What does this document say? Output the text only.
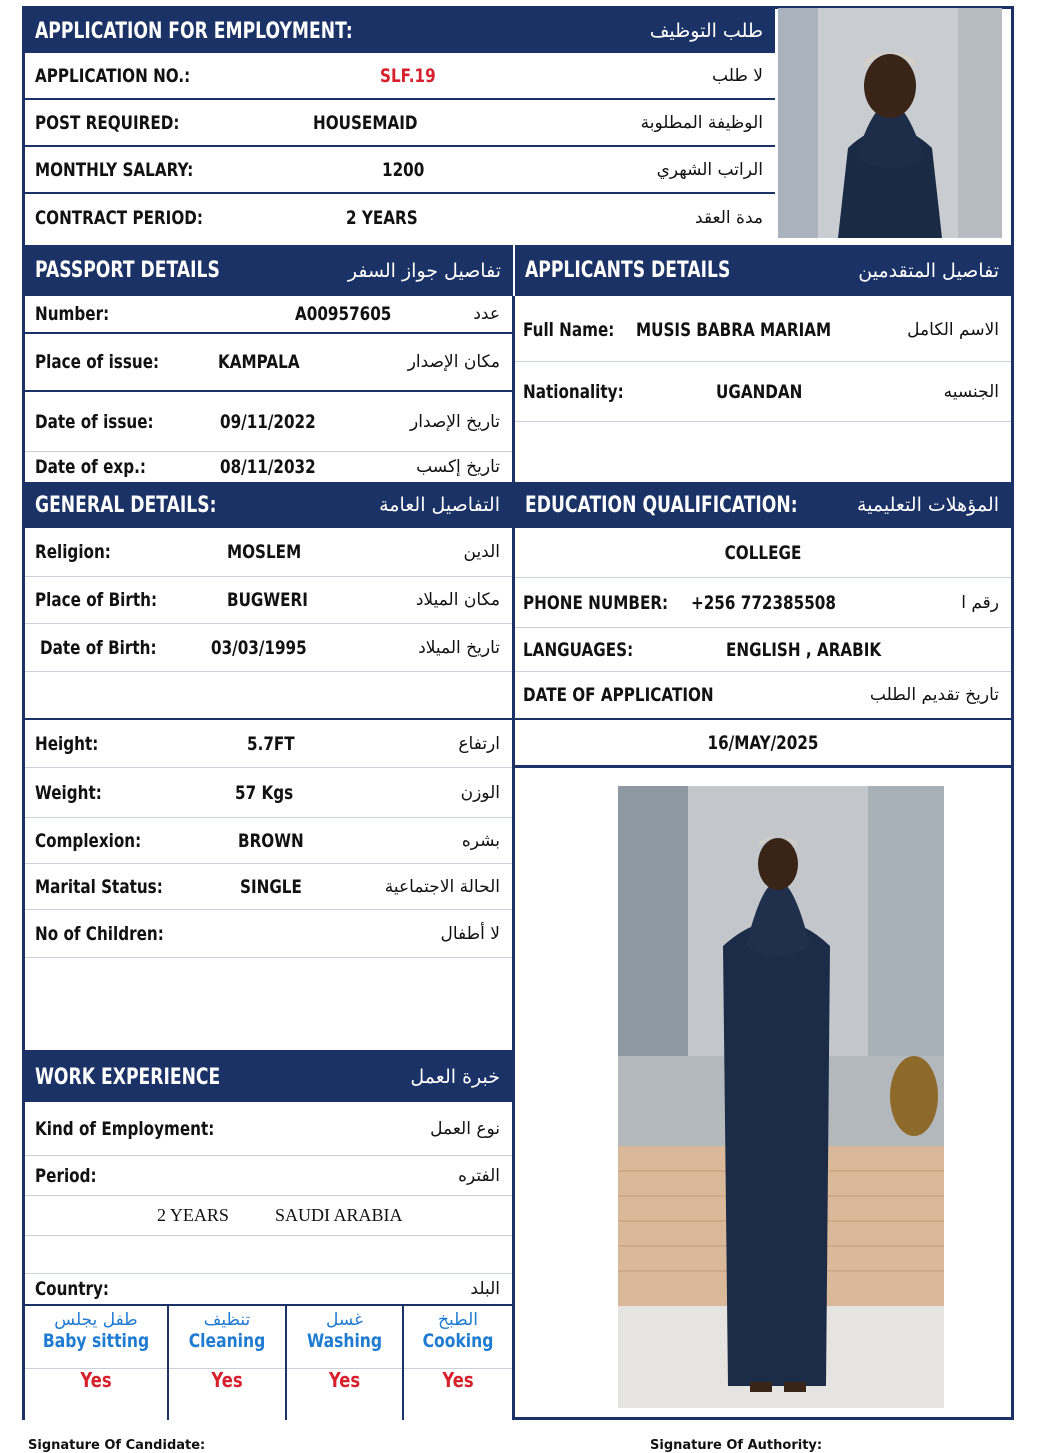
APPLICATION FOR EMPLOYMENT:	طلب التوظيف
APPLICATION NO.:	SLF.19	لا طلب
POST REQUIRED:	HOUSEMAID	الوظيفة المطلوبة
MONTHLY SALARY:	1200	الراتب الشهري
CONTRACT PERIOD:	2 YEARS	مدة العقد
PASSPORT DETAILS	تفاصيل جواز السفر APPLICANTS DETAILS	تفاصيل المتقدمين
Number:	A00957605	عدد
Place of issue:	KAMPALA	مكان الإصدار
Date of issue:	09/11/2022	تاريخ الإصدار
Date of exp.:	08/11/2032	تاريخ إكسب
Full Name: MUSIS BABRA MARIAM	الاسم الكامل
Nationality:	UGANDAN	الجنسيه
GENERAL DETAILS:	التفاصيل العامة EDUCATION QUALIFICATION:	المؤهلات التعليمية
Religion:	MOSLEM	الدين
Place of Birth:	BUGWERI	مكان الميلاد
Date of Birth:	03/03/1995	تاريخ الميلاد
Height:	5.7FT	ارتفاع
Weight:	57 Kgs	الوزن
Complexion:	BROWN	بشره
Marital Status:	SINGLE	الحالة الاجتماعية
No of Children:	لا أطفال
COLLEGE
PHONE NUMBER: +256 772385508	رقم ا
LANGUAGES:	ENGLISH , ARABIK
DATE OF APPLICATION	تاريخ تقديم الطلب
16/MAY/2025
WORK EXPERIENCE	خبرة العمل
Kind of Employment:	نوع العمل
Period:	الفتره
2 YEARS	SAUDI ARABIA
Country:	البلد
طفل يجلس
Baby sitting
Yes
تنظيف
Cleaning
Yes
غسل
Washing
Yes
الطبخ
Cooking
Yes
Signature Of Candidate:	Signature Of Authority:
